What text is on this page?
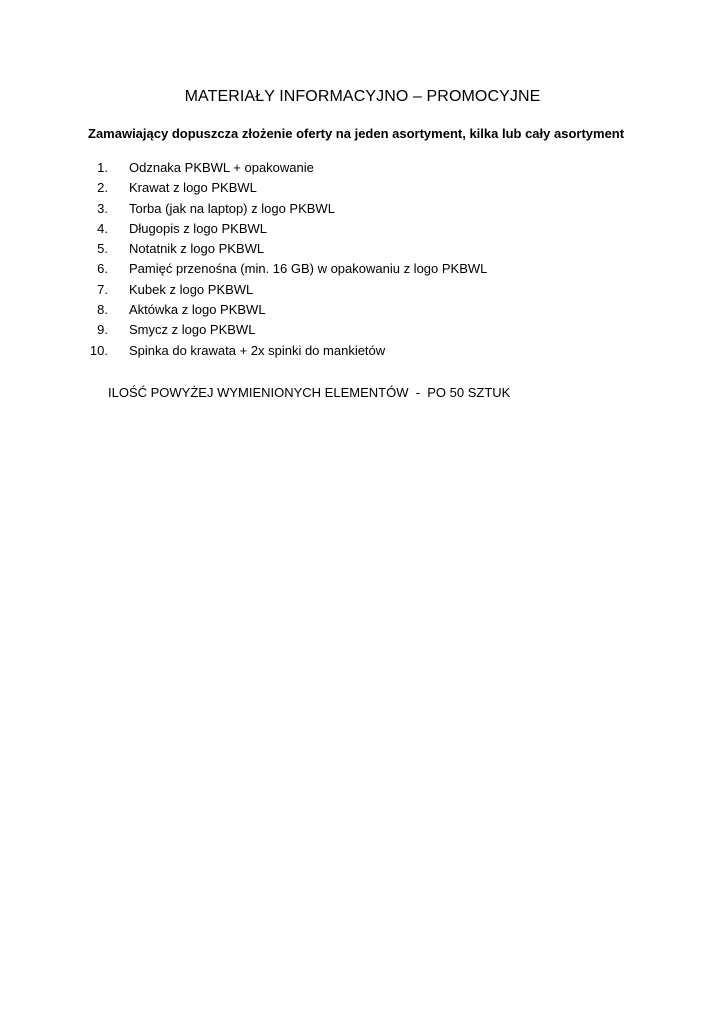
MATERIAŁY INFORMACYJNO – PROMOCYJNE
Zamawiający dopuszcza złożenie oferty na jeden asortyment, kilka lub cały asortyment
1. Odznaka PKBWL + opakowanie
2. Krawat z logo PKBWL
3. Torba (jak na laptop) z logo PKBWL
4. Długopis z logo PKBWL
5. Notatnik z logo PKBWL
6. Pamięć przenośna (min. 16 GB) w opakowaniu z logo PKBWL
7. Kubek z logo PKBWL
8. Aktówka z logo PKBWL
9. Smycz z logo PKBWL
10. Spinka do krawata + 2x spinki do mankietów
ILOŚĆ POWYŻEJ WYMIENIONYCH ELEMENTÓW  -  PO 50 SZTUK
